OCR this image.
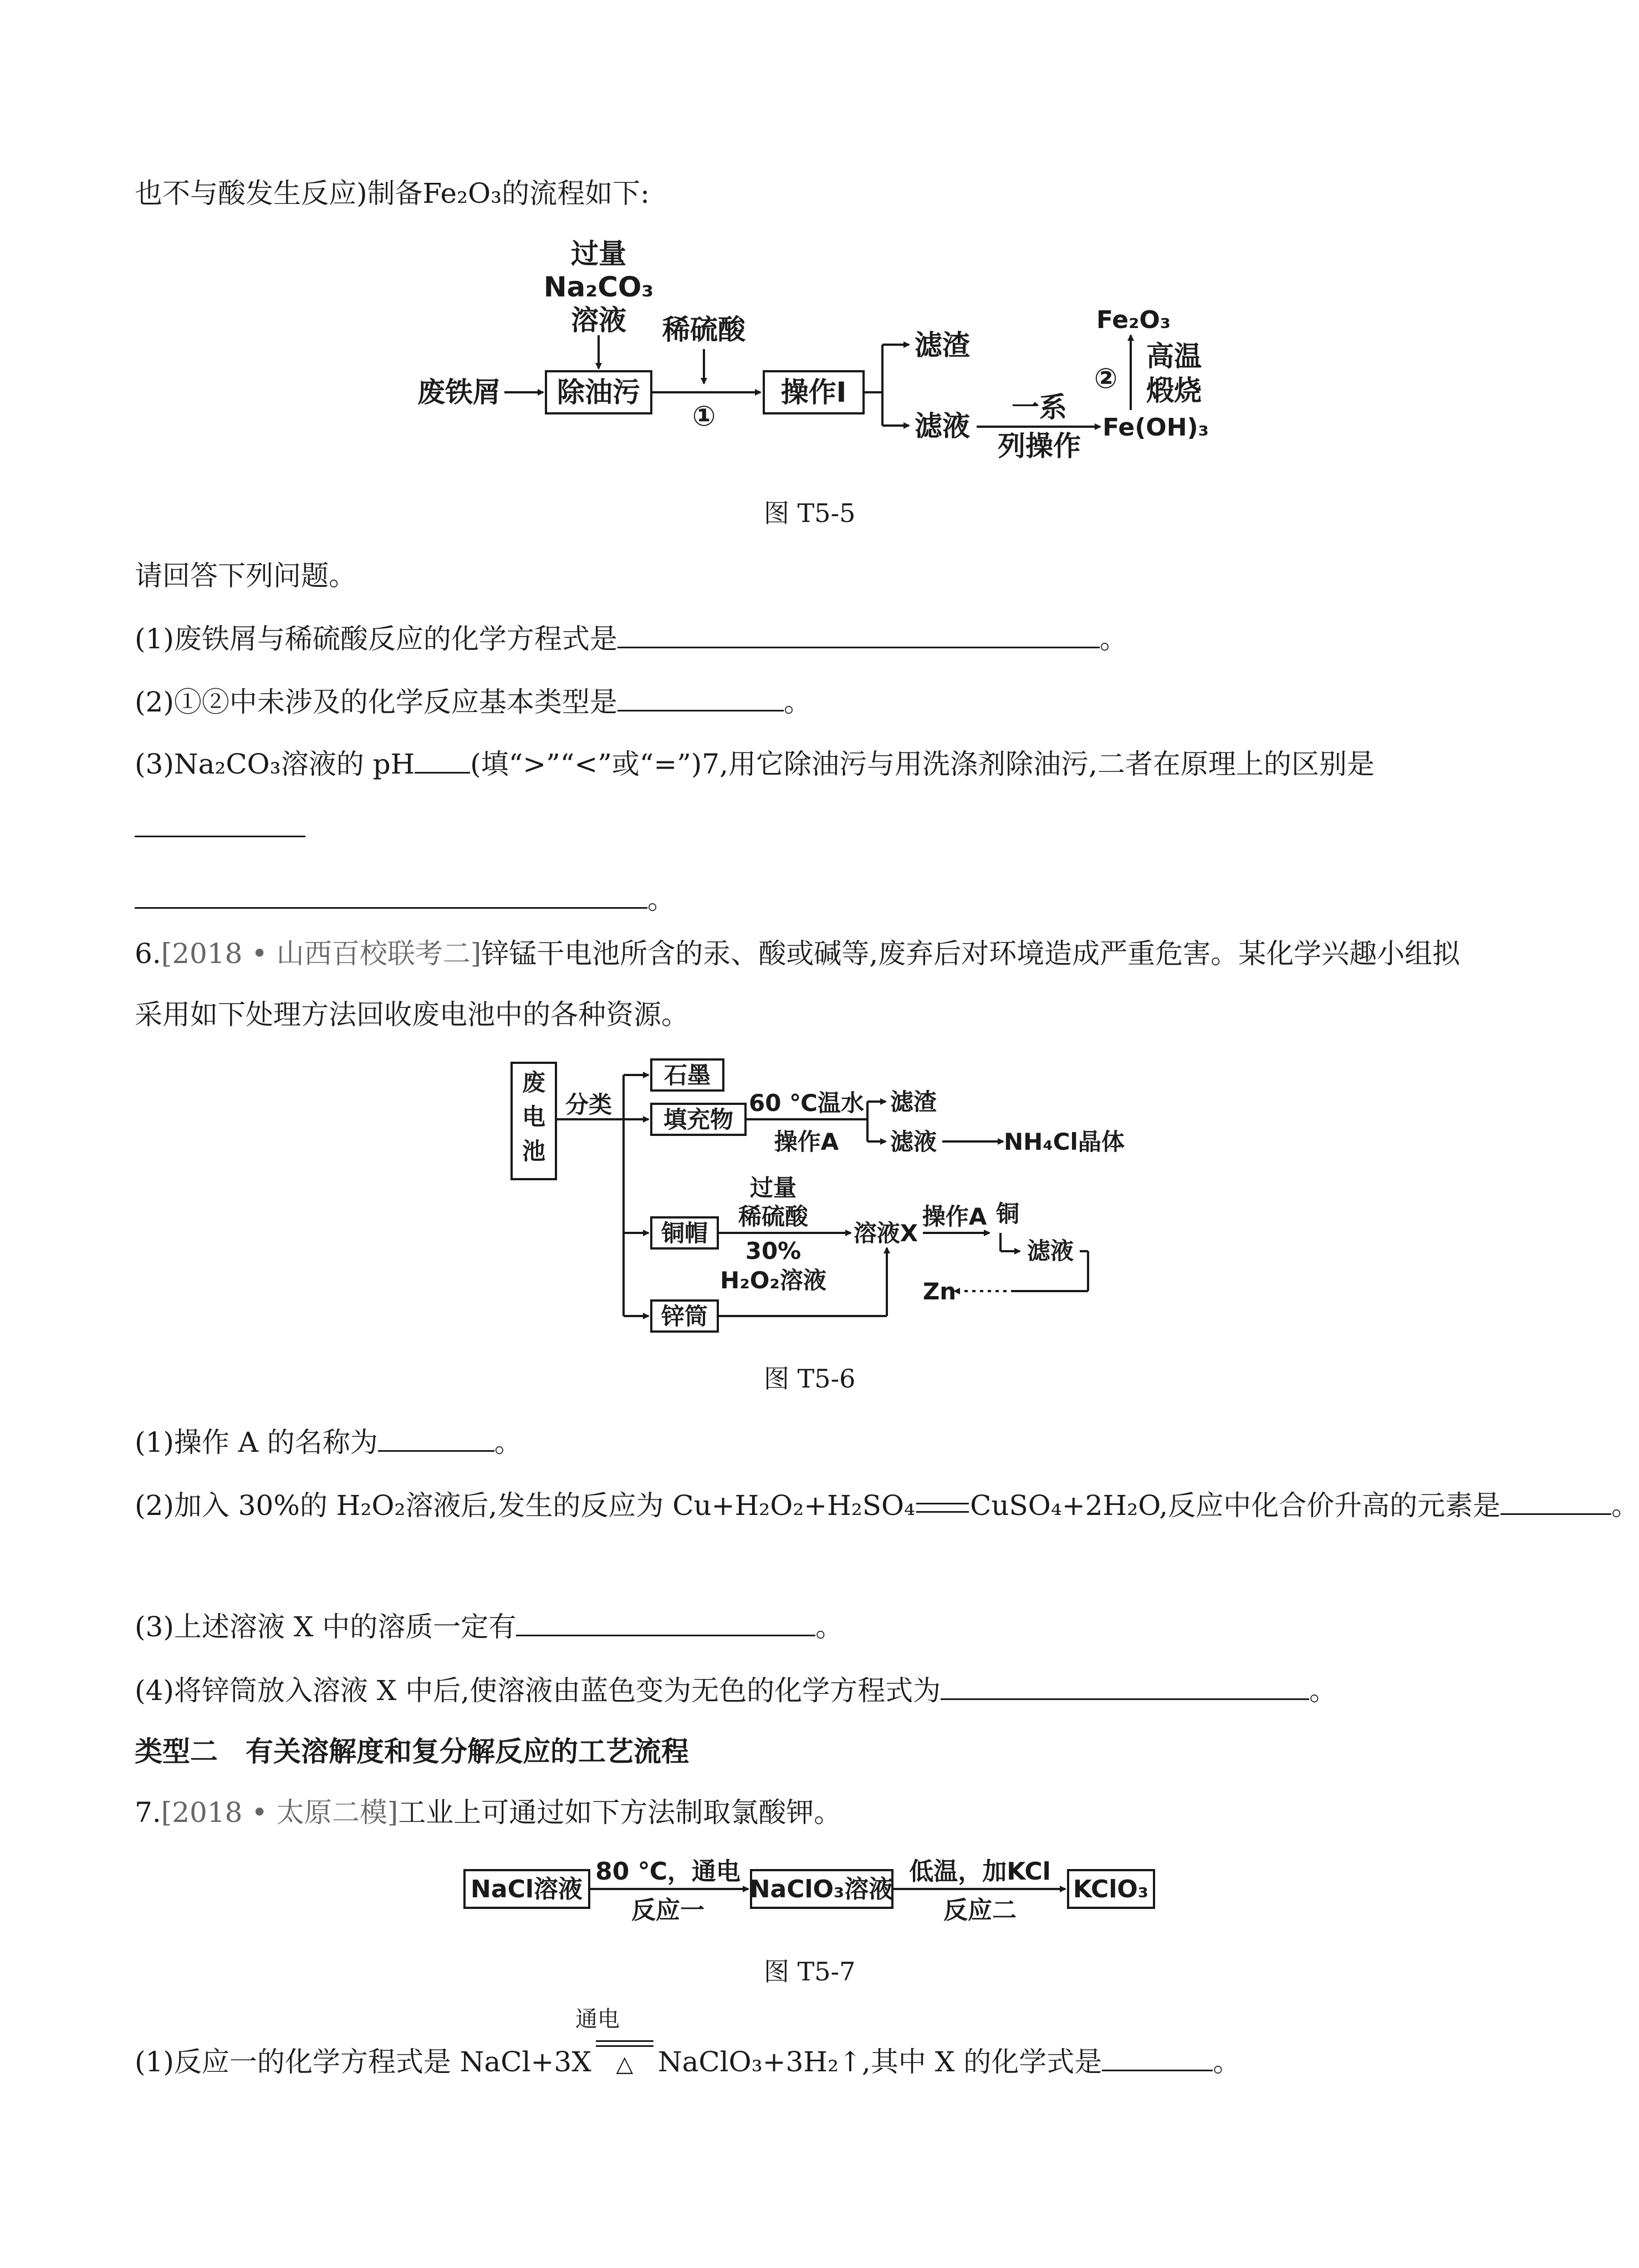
也不与酸发生反应)制备Fe₂O₃的流程如下:
过量
Na₂CO₃
溶液 稀硫酸
废铁屑 除油污
①
操作Ⅰ
滤渣
滤液
一系
列操作
Fe(OH)₃
Fe₂O₃
②
高温
煅烧
图 T5-5
请回答下列问题。
(1)废铁屑与稀硫酸反应的化学方程式是	。
(2)①②中未涉及的化学反应基本类型是	。
(3)Na₂CO₃溶液的 pH (填“>”“<”或“=”)7,用它除油污与用洗涤剂除油污,二者在原理上的区别是
。
6.[2018 • 山西百校联考二]锌锰干电池所含的汞、酸或碱等,废弃后对环境造成严重危害。某化学兴趣小组拟
采用如下处理方法回收废电池中的各种资源。
废
电
池
分类
石墨
填充物
60 ℃温水
操作A
滤渣
滤液	NH₄Cl晶体
铜帽
过量
稀硫酸
30%
H₂O₂溶液
溶液X
操作A 铜
滤液
Zn
锌筒
图 T5-6
(1)操作 A 的名称为	。
(2)加入 30%的 H₂O₂溶液后,发生的反应为 Cu+H₂O₂+H₂SO₄ CuSO₄+2H₂O,反应中化合价升高的元素是	。
(3)上述溶液 X 中的溶质一定有	。
(4)将锌筒放入溶液 X 中后,使溶液由蓝色变为无色的化学方程式为	。
类型二　有关溶解度和复分解反应的工艺流程
7.[2018 • 太原二模]工业上可通过如下方法制取氯酸钾。
NaCl溶液
80 ℃，通电
反应一
NaClO₃溶液
低温，加KCl
反应二
KClO₃
图 T5-7
通电
(1)反应一的化学方程式是 NaCl+3X △ NaClO₃+3H₂↑,其中 X 的化学式是	。
